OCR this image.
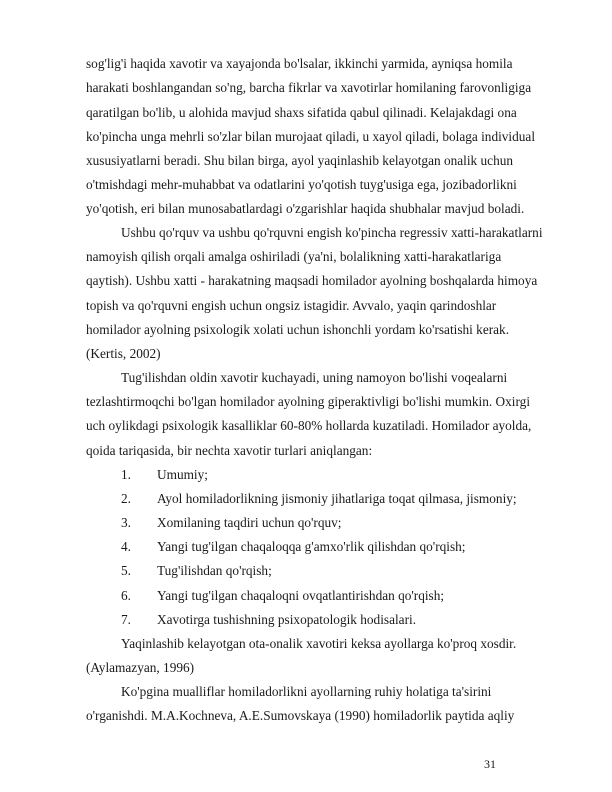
sog'lig'i haqida xavotir va xayajonda bo'lsalar, ikkinchi yarmida, ayniqsa homila
harakati boshlangandan so'ng, barcha fikrlar va xavotirlar homilaning farovonligiga
qaratilgan bo'lib, u alohida mavjud shaxs sifatida qabul qilinadi. Kelajakdagi ona
ko'pincha unga mehrli so'zlar bilan murojaat qiladi, u xayol qiladi, bolaga individual
xususiyatlarni beradi. Shu bilan birga, ayol yaqinlashib kelayotgan onalik uchun
o'tmishdagi mehr-muhabbat va odatlarini yo'qotish tuyg'usiga ega, jozibadorlikni
yo'qotish, eri bilan munosabatlardagi o'zgarishlar haqida shubhalar mavjud boladi.
Ushbu qo'rquv va ushbu qo'rquvni engish ko'pincha regressiv xatti-harakatlarni
namoyish qilish orqali amalga oshiriladi (ya'ni, bolalikning xatti-harakatlariga
qaytish). Ushbu xatti - harakatning maqsadi homilador ayolning boshqalarda himoya
topish va qo'rquvni engish uchun ongsiz istagidir. Avvalo, yaqin qarindoshlar
homilador ayolning psixologik xolati uchun ishonchli yordam ko'rsatishi kerak.
(Kertis, 2002)
Tug'ilishdan oldin xavotir kuchayadi, uning namoyon bo'lishi voqealarni
tezlashtirmoqchi bo'lgan homilador ayolning giperaktivligi bo'lishi mumkin. Oxirgi
uch oylikdagi psixologik kasalliklar 60-80% hollarda kuzatiladi. Homilador ayolda,
qoida tariqasida, bir nechta xavotir turlari aniqlangan:
1. Umumiy;
2. Ayol homiladorlikning jismoniy jihatlariga toqat qilmasa, jismoniy;
3. Xomilaning taqdiri uchun qo'rquv;
4. Yangi tug'ilgan chaqaloqqa g'amxo'rlik qilishdan qo'rqish;
5. Tug'ilishdan qo'rqish;
6. Yangi tug'ilgan chaqaloqni ovqatlantirishdan qo'rqish;
7. Xavotirga tushishning psixopatologik hodisalari.
Yaqinlashib kelayotgan ota-onalik xavotiri keksa ayollarga ko'proq xosdir.
(Aylamazyan, 1996)
Ko'pgina mualliflar homiladorlikni ayollarning ruhiy holatiga ta'sirini
o'rganishdi. M.A.Kochneva, A.E.Sumovskaya (1990) homiladorlik paytida aqliy
31
